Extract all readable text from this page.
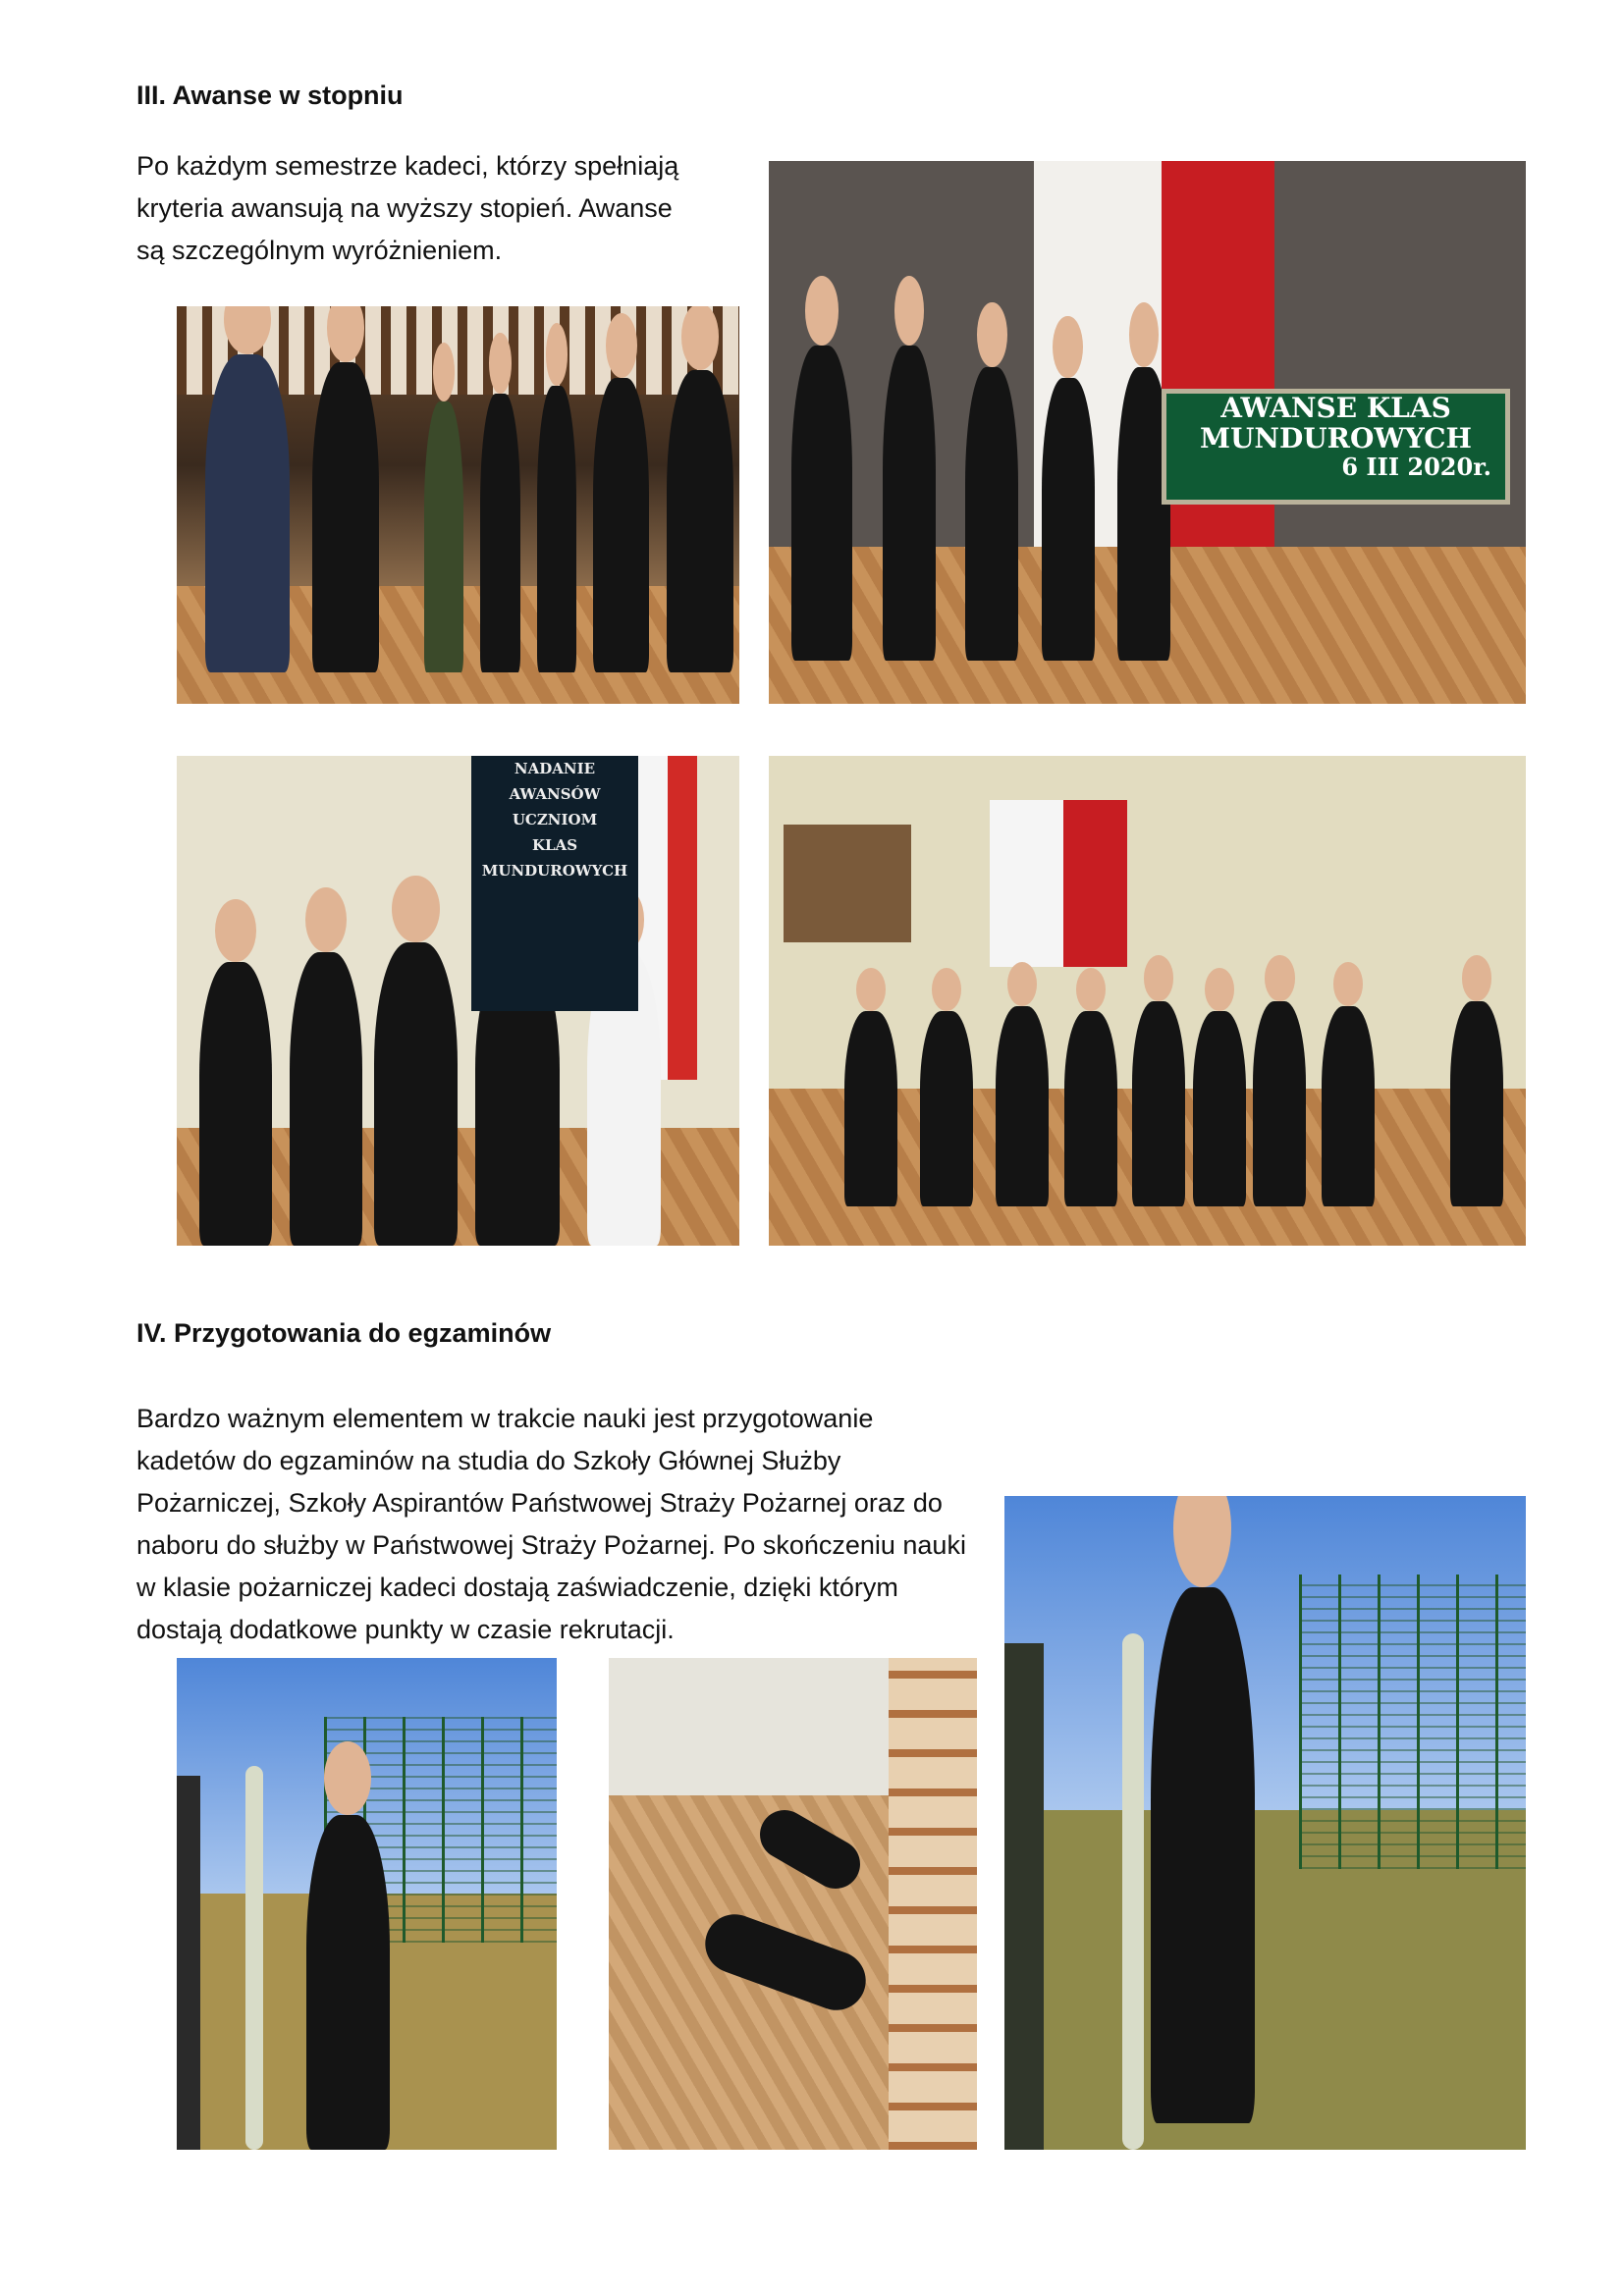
III. Awanse w stopniu
Po każdym semestrze kadeci, którzy spełniają
kryteria awansują na wyższy stopień. Awanse
są szczególnym wyróżnieniem.
AWANSE KLAS
MUNDUROWYCH
6 III 2020r.
NADANIE
AWANSÓW
UCZNIOM
KLAS
MUNDUROWYCH
IV. Przygotowania do egzaminów
Bardzo ważnym elementem w trakcie nauki jest przygotowanie
kadetów do egzaminów na studia do Szkoły Głównej Służby
Pożarniczej, Szkoły Aspirantów Państwowej Straży Pożarnej oraz do
naboru do służby w Państwowej Straży Pożarnej. Po skończeniu nauki
w klasie pożarniczej kadeci dostają zaświadczenie, dzięki którym
dostają dodatkowe punkty w czasie rekrutacji.
